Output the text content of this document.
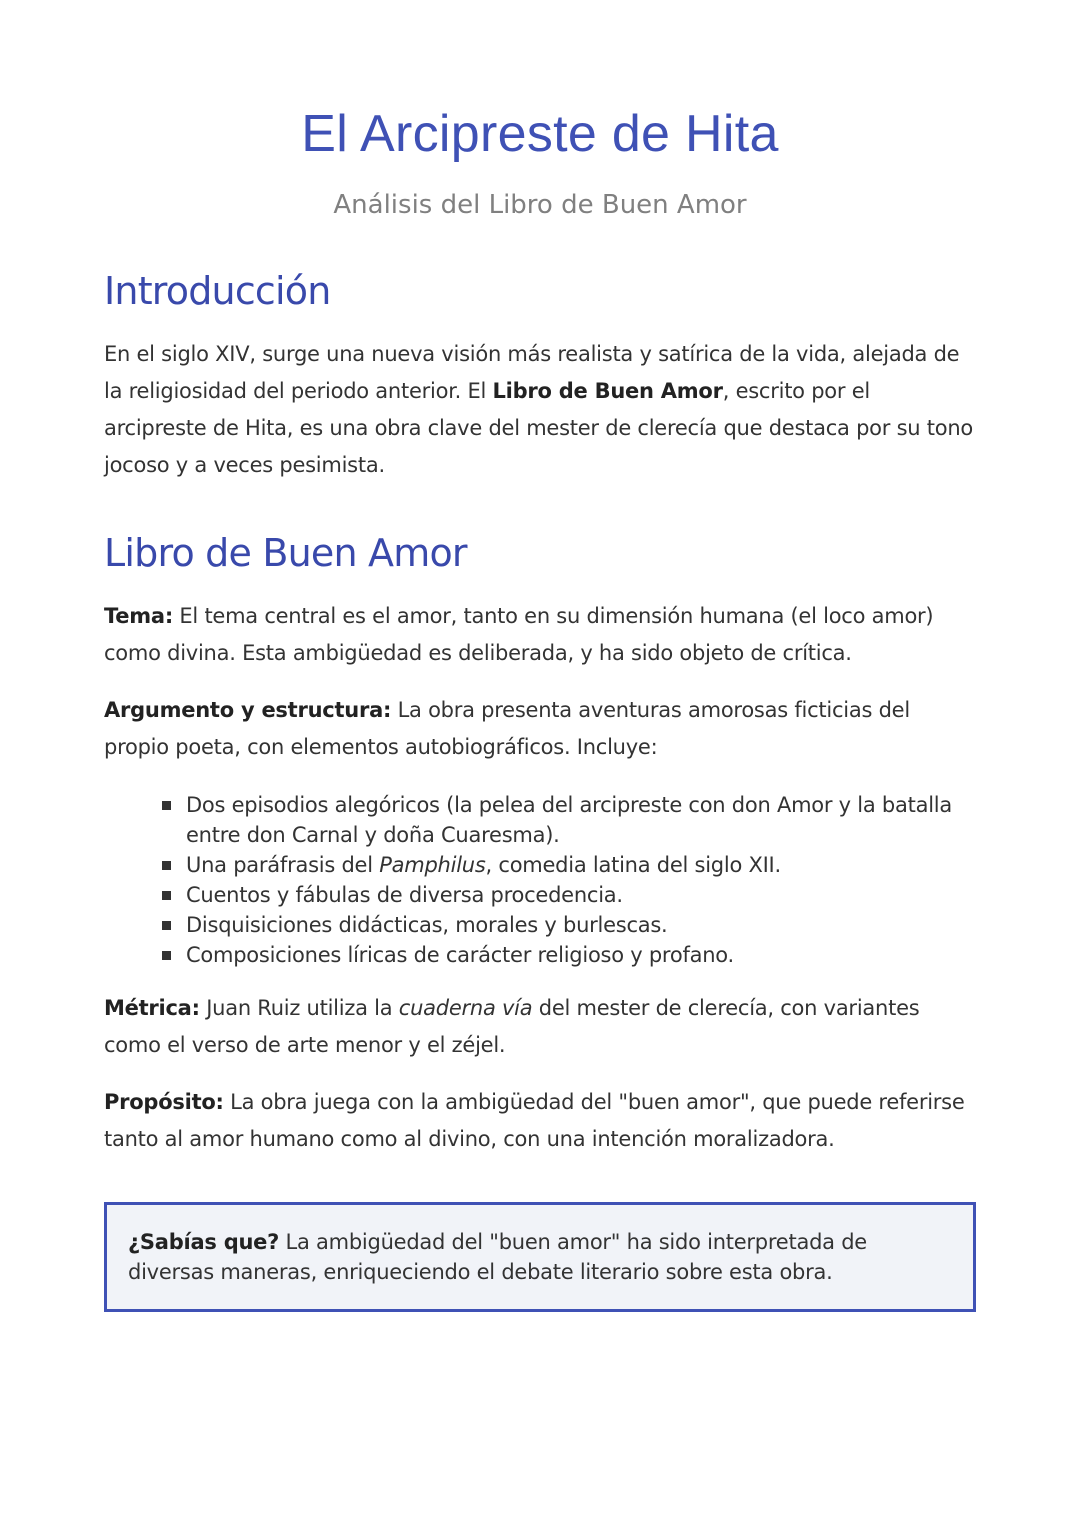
El Arcipreste de Hita
Análisis del Libro de Buen Amor
Introducción

En el siglo XIV, surge una nueva visión más realista y satírica de la vida, alejada de la religiosidad del periodo anterior. El Libro de Buen Amor, escrito por el arcipreste de Hita, es una obra clave del mester de clerecía que destaca por su tono jocoso y a veces pesimista.

Libro de Buen Amor

Tema: El tema central es el amor, tanto en su dimensión humana (el loco amor) como divina. Esta ambigüedad es deliberada, y ha sido objeto de crítica.

Argumento y estructura: La obra presenta aventuras amorosas ficticias del propio poeta, con elementos autobiográficos. Incluye:

Dos episodios alegóricos (la pelea del arcipreste con don Amor y la batalla entre don Carnal y doña Cuaresma).
Una paráfrasis del Pamphilus, comedia latina del siglo XII.
Cuentos y fábulas de diversa procedencia.
Disquisiciones didácticas, morales y burlescas.
Composiciones líricas de carácter religioso y profano.

Métrica: Juan Ruiz utiliza la cuaderna vía del mester de clerecía, con variantes como el verso de arte menor y el zéjel.

Propósito: La obra juega con la ambigüedad del "buen amor", que puede referirse tanto al amor humano como al divino, con una intención moralizadora.

¿Sabías que? La ambigüedad del "buen amor" ha sido interpretada de diversas maneras, enriqueciendo el debate literario sobre esta obra.
